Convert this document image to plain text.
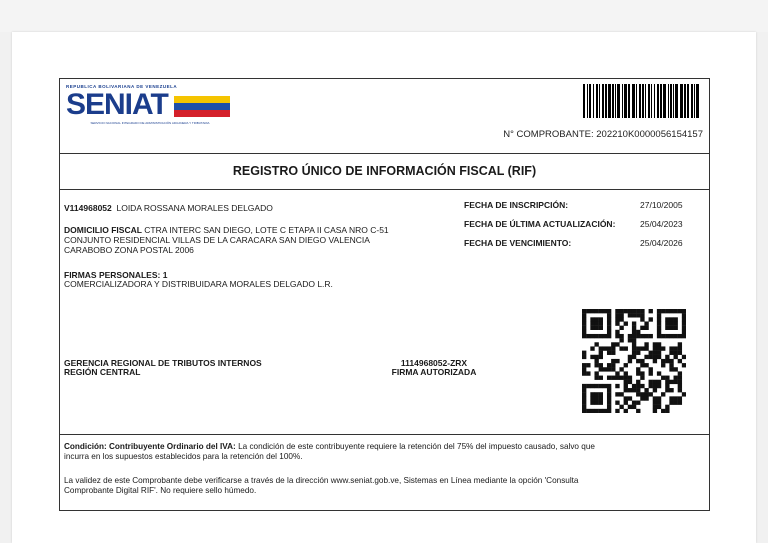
REPUBLICA BOLIVARIANA DE VENEZUELA
SENIAT
SERVICIO NACIONAL INTEGRADO DE ADMINISTRACIÓN ADUANERA Y TRIBUTARIA
N° COMPROBANTE: 202210K0000056154157
REGISTRO ÚNICO DE INFORMACIÓN FISCAL (RIF)
V114968052 LOIDA ROSSANA MORALES DELGADO
DOMICILIO FISCAL CTRA INTERC SAN DIEGO, LOTE C ETAPA II CASA NRO C-51
CONJUNTO RESIDENCIAL VILLAS DE LA CARACARA SAN DIEGO VALENCIA
CARABOBO ZONA POSTAL 2006
FECHA DE INSCRIPCIÓN:	27/10/2005
FECHA DE ÚLTIMA ACTUALIZACIÓN:	25/04/2023
FECHA DE VENCIMIENTO:	25/04/2026
FIRMAS PERSONALES: 1
COMERCIALIZADORA Y DISTRIBUIDARA MORALES DELGADO L.R.
GERENCIA REGIONAL DE TRIBUTOS INTERNOS
REGIÓN CENTRAL
1114968052-ZRX
FIRMA AUTORIZADA
Condición: Contribuyente Ordinario del IVA: La condición de este contribuyente requiere la retención del 75% del impuesto causado, salvo que
incurra en los supuestos establecidos para la retención del 100%.
La validez de este Comprobante debe verificarse a través de la dirección www.seniat.gob.ve, Sistemas en Línea mediante la opción 'Consulta
Comprobante Digital RIF'. No requiere sello húmedo.
